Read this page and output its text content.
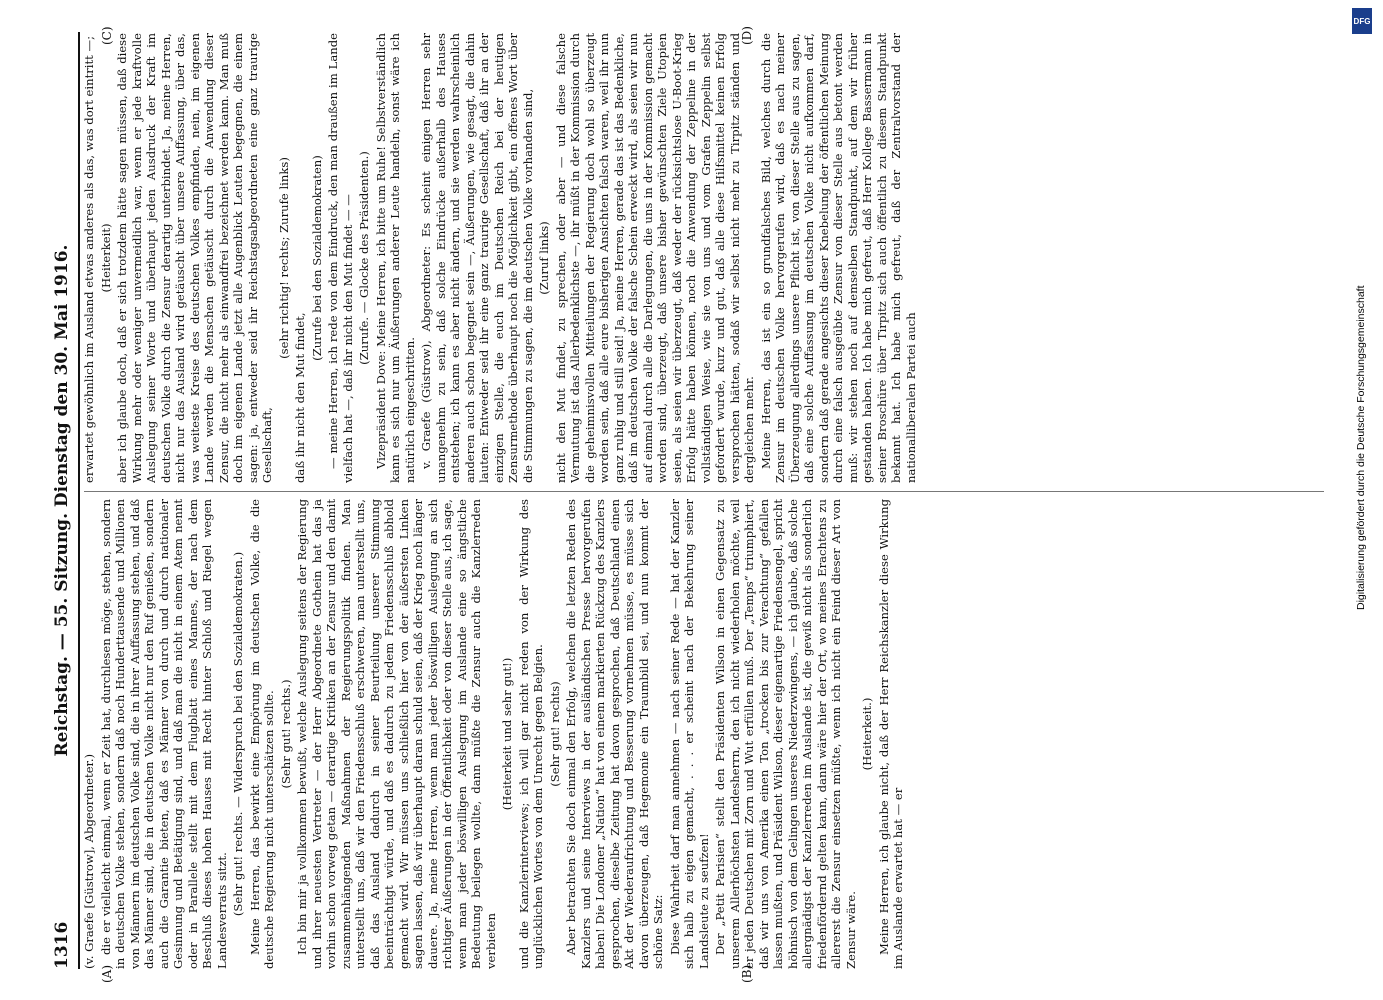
DFG
Digitalisierung gefördert durch die Deutsche Forschungsgemeinschaft
1316
Reichstag. — 55. Sitzung. Dienstag den 30. Mai 1916.
(A)	(B)
(C)	(D)

(v. Graefe [Güstrow], Abgeordneter.) die er vielleicht einmal, wenn er Zeit hat, durchlesen möge, stehen, sondern in deutschen Volke stehen, sondern daß noch Hunderttausende und Millionen von Männern im deutschen Volke sind, die in ihrer Auffassung stehen, und daß das Männer sind, die in deutschen Volke nicht nur den Ruf genießen, sondern auch die Garantie bieten, daß es Männer von durch und durch nationaler Gesinnung und Betätigung sind, und daß man die nicht in einem Atem nennt oder in Parallele stellt mit dem Flugblatt eines Mannes, der nach dem Beschluß dieses hohen Hauses mit Recht hinter Schloß und Riegel wegen Landesverrats sitzt. (Sehr gut! rechts. — Widerspruch bei den Sozialdemokraten.) Meine Herren, das bewirkt eine Empörung im deutschen Volke, die die deutsche Regierung nicht unterschätzen sollte. (Sehr gut! rechts.) Ich bin mir ja vollkommen bewußt, welche Auslegung seitens der Regierung und ihrer neuesten Vertreter — der Herr Abgeordnete Gothein hat das ja vorhin schon vorweg getan — derartige Kritiken an der Zensur und den damit zusammenhängenden Maßnahmen der Regierungspolitik finden. Man unterstellt uns, daß wir den Friedensschluß erschweren, man unterstellt uns, daß das Ausland dadurch in seiner Beurteilung unserer Stimmung beeinträchtigt würde, und daß es dadurch zu jedem Friedensschluß abhold gemacht wird. Wir müssen uns schließlich hier von der äußersten Linken sagen lassen, daß wir überhaupt daran schuld seien, daß der Krieg noch länger dauere. Ja, meine Herren, wenn man jeder böswilligen Auslegung an sich richtiger Äußerungen in der Öffentlichkeit oder von dieser Stelle aus, ich sage, wenn man jeder böswilligen Auslegung im Auslande eine so ängstliche Bedeutung beilegen wollte, dann müßte die Zensur auch die Kanzlerreden verbieten

(Heiterkeit und sehr gut!) und die Kanzlerinterviews; ich will gar nicht reden von der Wirkung des unglücklichen Wortes von dem Unrecht gegen Belgien. (Sehr gut! rechts) Aber betrachten Sie doch einmal den Erfolg, welchen die letzten Reden des Kanzlers und seine Interviews in der ausländischen Presse hervorgerufen haben! Die Londoner „Nation“ hat von einem markierten Rückzug des Kanzlers gesprochen, dieselbe Zeitung hat davon gesprochen, daß Deutschland einen Akt der Wiederaufrichtung und Besserung vornehmen müsse, es müsse sich davon überzeugen, daß Hegemonie ein Traumbild sei, und nun kommt der schöne Satz: Diese Wahrheit darf man annehmen — nach seiner Rede — hat der Kanzler sich halb zu eigen gemacht, . . . er scheint nach der Bekehrung seiner Landsleute zu seufzen! Der „Petit Parisien“ stellt den Präsidenten Wilson in einen Gegensatz zu unserem Allerhöchsten Landesherrn, den ich nicht wiederholen möchte, weil er jeden Deutschen mit Zorn und Wut erfüllen muß. Der „Temps“ triumphiert, daß wir uns von Amerika einen Ton „trocken bis zur Verachtung“ gefallen lassen mußten, und Präsident Wilson, dieser eigenartige Friedensengel, spricht höhnisch von dem Gelingen unseres Niederzwingens, — ich glaube, daß solche allergnädigst der Kanzlerreden im Auslande ist, die gewiß nicht als sonderlich friedenfördernd gelten kann, dann wäre hier der Ort, wo meines Erachtens zu allererst die Zensur einsetzen müßte, wenn ich nicht ein Feind dieser Art von Zensur wäre.

(Heiterkeit.) Meine Herren, ich glaube nicht, daß der Herr Reichskanzler diese Wirkung im Auslande erwartet hat — er

erwartet gewöhnlich im Ausland etwas anderes als das, was dort eintritt —; (Heiterkeit) aber ich glaube doch, daß er sich trotzdem hätte sagen müssen, daß diese Wirkung mehr oder weniger unvermeidlich war, wenn er jede kraftvolle Auslegung seiner Worte und überhaupt jeden Ausdruck der Kraft im deutschen Volke durch die Zensur derartig unterbindet. Ja, meine Herren, nicht nur das Ausland wird getäuscht über unsere Auffassung, über das, was weiteste Kreise des deutschen Volkes empfinden, nein, im eigenen Lande werden die Menschen getäuscht durch die Anwendung dieser Zensur, die nicht mehr als einwandfrei bezeichnet werden kann. Man muß doch im eigenen Lande jetzt alle Augenblick Leuten begegnen, die einem sagen: ja, entweder seid ihr Reichstagsabgeordneten eine ganz traurige Gesellschaft,

(sehr richtig! rechts; Zurufe links)

daß ihr nicht den Mut findet,

(Zurufe bei den Sozialdemokraten) — meine Herren, ich rede von dem Eindruck, den man draußen im Lande vielfach hat —, daß ihr nicht den Mut findet — — (Zurufe. — Glocke des Präsidenten.) Vizepräsident Dove: Meine Herren, ich bitte um Ruhe! Selbstverständlich kann es sich nur um Äußerungen anderer Leute handeln, sonst wäre ich natürlich eingeschritten. v. Graefe (Güstrow), Abgeordneter: Es scheint einigen Herren sehr unangenehm zu sein, daß solche Eindrücke außerhalb des Hauses entstehen; ich kann es aber nicht ändern, und sie werden wahrscheinlich anderen auch schon begegnet sein —, Äußerungen, wie gesagt, die dahin lauten: Entweder seid ihr eine ganz traurige Gesellschaft, daß ihr an der einzigen Stelle, die euch im Deutschen Reich bei der heutigen Zensurmethode überhaupt noch die Möglichkeit gibt, ein offenes Wort über die Stimmungen zu sagen, die im deutschen Volke vorhanden sind, (Zuruf links) nicht den Mut findet, zu sprechen, oder aber — und diese falsche Vermutung ist das Allerbedenklichste —, ihr müßt in der Kommission durch die geheimnisvollen Mitteilungen der Regierung doch wohl so überzeugt worden sein, daß alle eure bisherigen Ansichten falsch waren, weil ihr nun ganz ruhig und still seid! Ja, meine Herren, gerade das ist das Bedenkliche, daß im deutschen Volke der falsche Schein erweckt wird, als seien wir nun auf einmal durch alle die Darlegungen, die uns in der Kommission gemacht worden sind, überzeugt, daß unsere bisher gewünschten Ziele Utopien seien, als seien wir überzeugt, daß weder der rücksichtslose U-Boot-Krieg Erfolg hätte haben können, noch die Anwendung der Zeppeline in der vollständigen Weise, wie sie von uns und vom Grafen Zeppelin selbst gefordert wurde, kurz und gut, daß alle diese Hilfsmittel keinen Erfolg versprochen hätten, sodaß wir selbst nicht mehr zu Tirpitz ständen und dergleichen mehr. Meine Herren, das ist ein so grundfalsches Bild, welches durch die Zensur im deutschen Volke hervorgerufen wird, daß es nach meiner Überzeugung allerdings unsere Pflicht ist, von dieser Stelle aus zu sagen, daß eine solche Auffassung im deutschen Volke nicht aufkommen darf, sondern daß gerade angesichts dieser Knebelung der öffentlichen Meinung durch eine falsch ausgeübte Zensur von dieser Stelle aus betont werden muß: wir stehen noch auf demselben Standpunkt, auf dem wir früher gestanden haben. Ich habe mich gefreut, daß Herr Kollege Bassermann in seiner Broschüre über Tirpitz sich auch öffentlich zu diesem Standpunkt bekannt hat. Ich habe mich gefreut, daß der Zentralvorstand der nationalliberalen Partei auch
